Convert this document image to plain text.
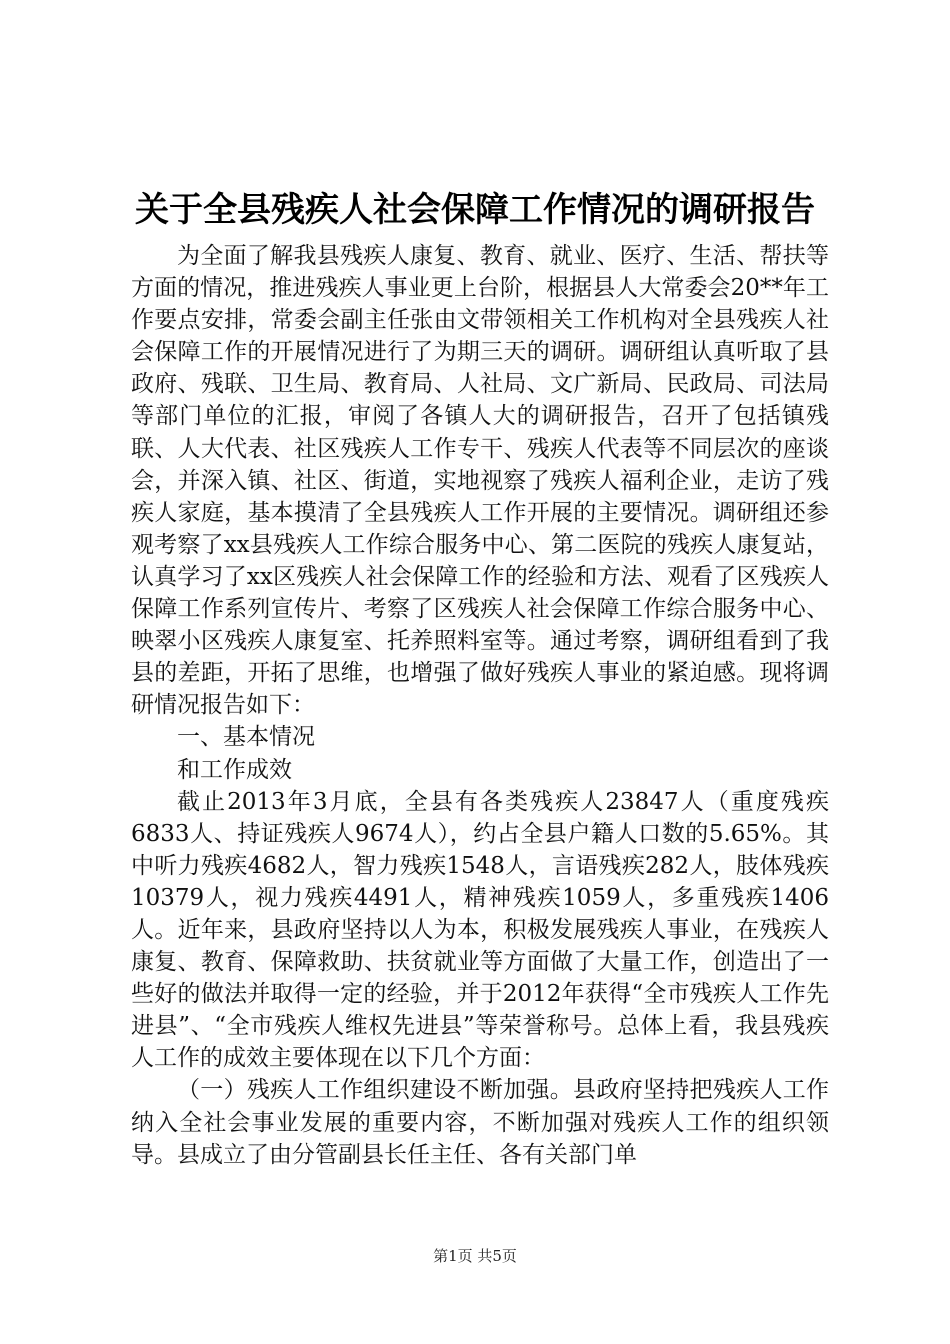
关于全县残疾人社会保障工作情况的调研报告

为全面了解我县残疾人康复、教育、就业、医疗、生活、帮扶等方面的情况，推进残疾人事业更上台阶，根据县人大常委会20**年工作要点安排，常委会副主任张由文带领相关工作机构对全县残疾人社会保障工作的开展情况进行了为期三天的调研。调研组认真听取了县政府、残联、卫生局、教育局、人社局、文广新局、民政局、司法局等部门单位的汇报，审阅了各镇人大的调研报告，召开了包括镇残联、人大代表、社区残疾人工作专干、残疾人代表等不同层次的座谈会，并深入镇、社区、街道，实地视察了残疾人福利企业，走访了残疾人家庭，基本摸清了全县残疾人工作开展的主要情况。调研组还参观考察了xx县残疾人工作综合服务中心、第二医院的残疾人康复站，认真学习了xx区残疾人社会保障工作的经验和方法、观看了区残疾人保障工作系列宣传片、考察了区残疾人社会保障工作综合服务中心、映翠小区残疾人康复室、托养照料室等。通过考察，调研组看到了我县的差距，开拓了思维，也增强了做好残疾人事业的紧迫感。现将调研情况报告如下：

一、基本情况

和工作成效

截止2013年3月底，全县有各类残疾人23847人（重度残疾6833人、持证残疾人9674人），约占全县户籍人口数的5.65%。其中听力残疾4682人，智力残疾1548人，言语残疾282人，肢体残疾10379人，视力残疾4491人，精神残疾1059人，多重残疾1406人。近年来，县政府坚持以人为本，积极发展残疾人事业，在残疾人康复、教育、保障救助、扶贫就业等方面做了大量工作，创造出了一些好的做法并取得一定的经验，并于2012年获得“全市残疾人工作先进县”、“全市残疾人维权先进县”等荣誉称号。总体上看，我县残疾人工作的成效主要体现在以下几个方面：

（一）残疾人工作组织建设不断加强。县政府坚持把残疾人工作纳入全社会事业发展的重要内容，不断加强对残疾人工作的组织领导。县成立了由分管副县长任主任、各有关部门单

第1页 共5页
